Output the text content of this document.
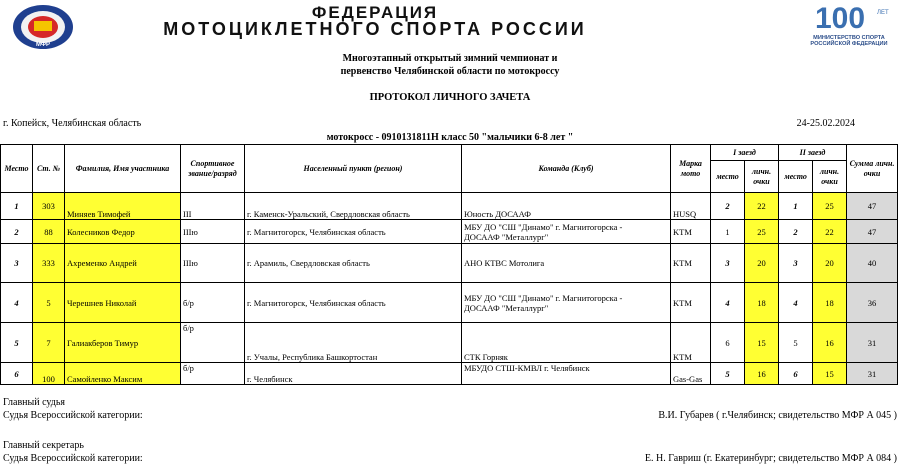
МФР
ФЕДЕРАЦИЯ
МОТОЦИКЛЕТНОГО СПОРТА РОССИИ	100 ЛЕТ
МИНИСТЕРСТВО СПОРТА РОССИЙСКОЙ ФЕДЕРАЦИИ
Многоэтапный открытый зимний чемпионат и
первенство Челябинской области по мотокроссу
ПРОТОКОЛ ЛИЧНОГО ЗАЧЕТА
г. Копейск, Челябинская область	24-25.02.2024
мотокросс - 0910131811Н класс 50 "мальчики 6-8 лет "
Место	Ст. №	Фамилия, Имя участника	Спортивное звание/разряд	Населенный пункт (регион)	Команда (Клуб)	Марка мото	I заезд		II заезд		Сумма личн. очки
							место	личн. очки	место	личн. очки	
1	303	Миняев Тимофей	III	г. Каменск-Уральский, Свердловская область	Юность ДОСААФ	HUSQ	2	22	1	25	47
2	88	Колесников Федор	IIIю	г. Магнитогорск, Челябинская область	МБУ ДО "СШ "Динамо" г. Магнитогорска -
ДОСААФ "Металлург"	KTM	1	25	2	22	47
3	333	Ахременко Андрей	IIIю	г. Арамиль, Свердловская область	АНО КТВС Мотолига	KTM	3	20	3	20	40
4	5	Черешнев Николай	б/р	г. Магнитогорск, Челябинская область	МБУ ДО "СШ "Динамо" г. Магнитогорска -
ДОСААФ "Металлург"	KTM	4	18	4	18	36
5	7	Галиакберов Тимур	б/р	г. Учалы, Республика Башкортостан	СТК Горняк	KTM	6	15	5	16	31
6	100	Самойленко Максим	б/р	г. Челябинск	МБУДО СТШ-КМВЛ г. Челябинск	Gas-Gas	5	16	6	15	31
Главный судья
Судья Всероссийской категории:	В.И. Губарев ( г.Челябинск; свидетельство МФР А 045 )
Главный секретарь
Судья Всероссийской категории:	Е. Н. Гавриш (г. Екатеринбург; свидетельство МФР А 084 )
